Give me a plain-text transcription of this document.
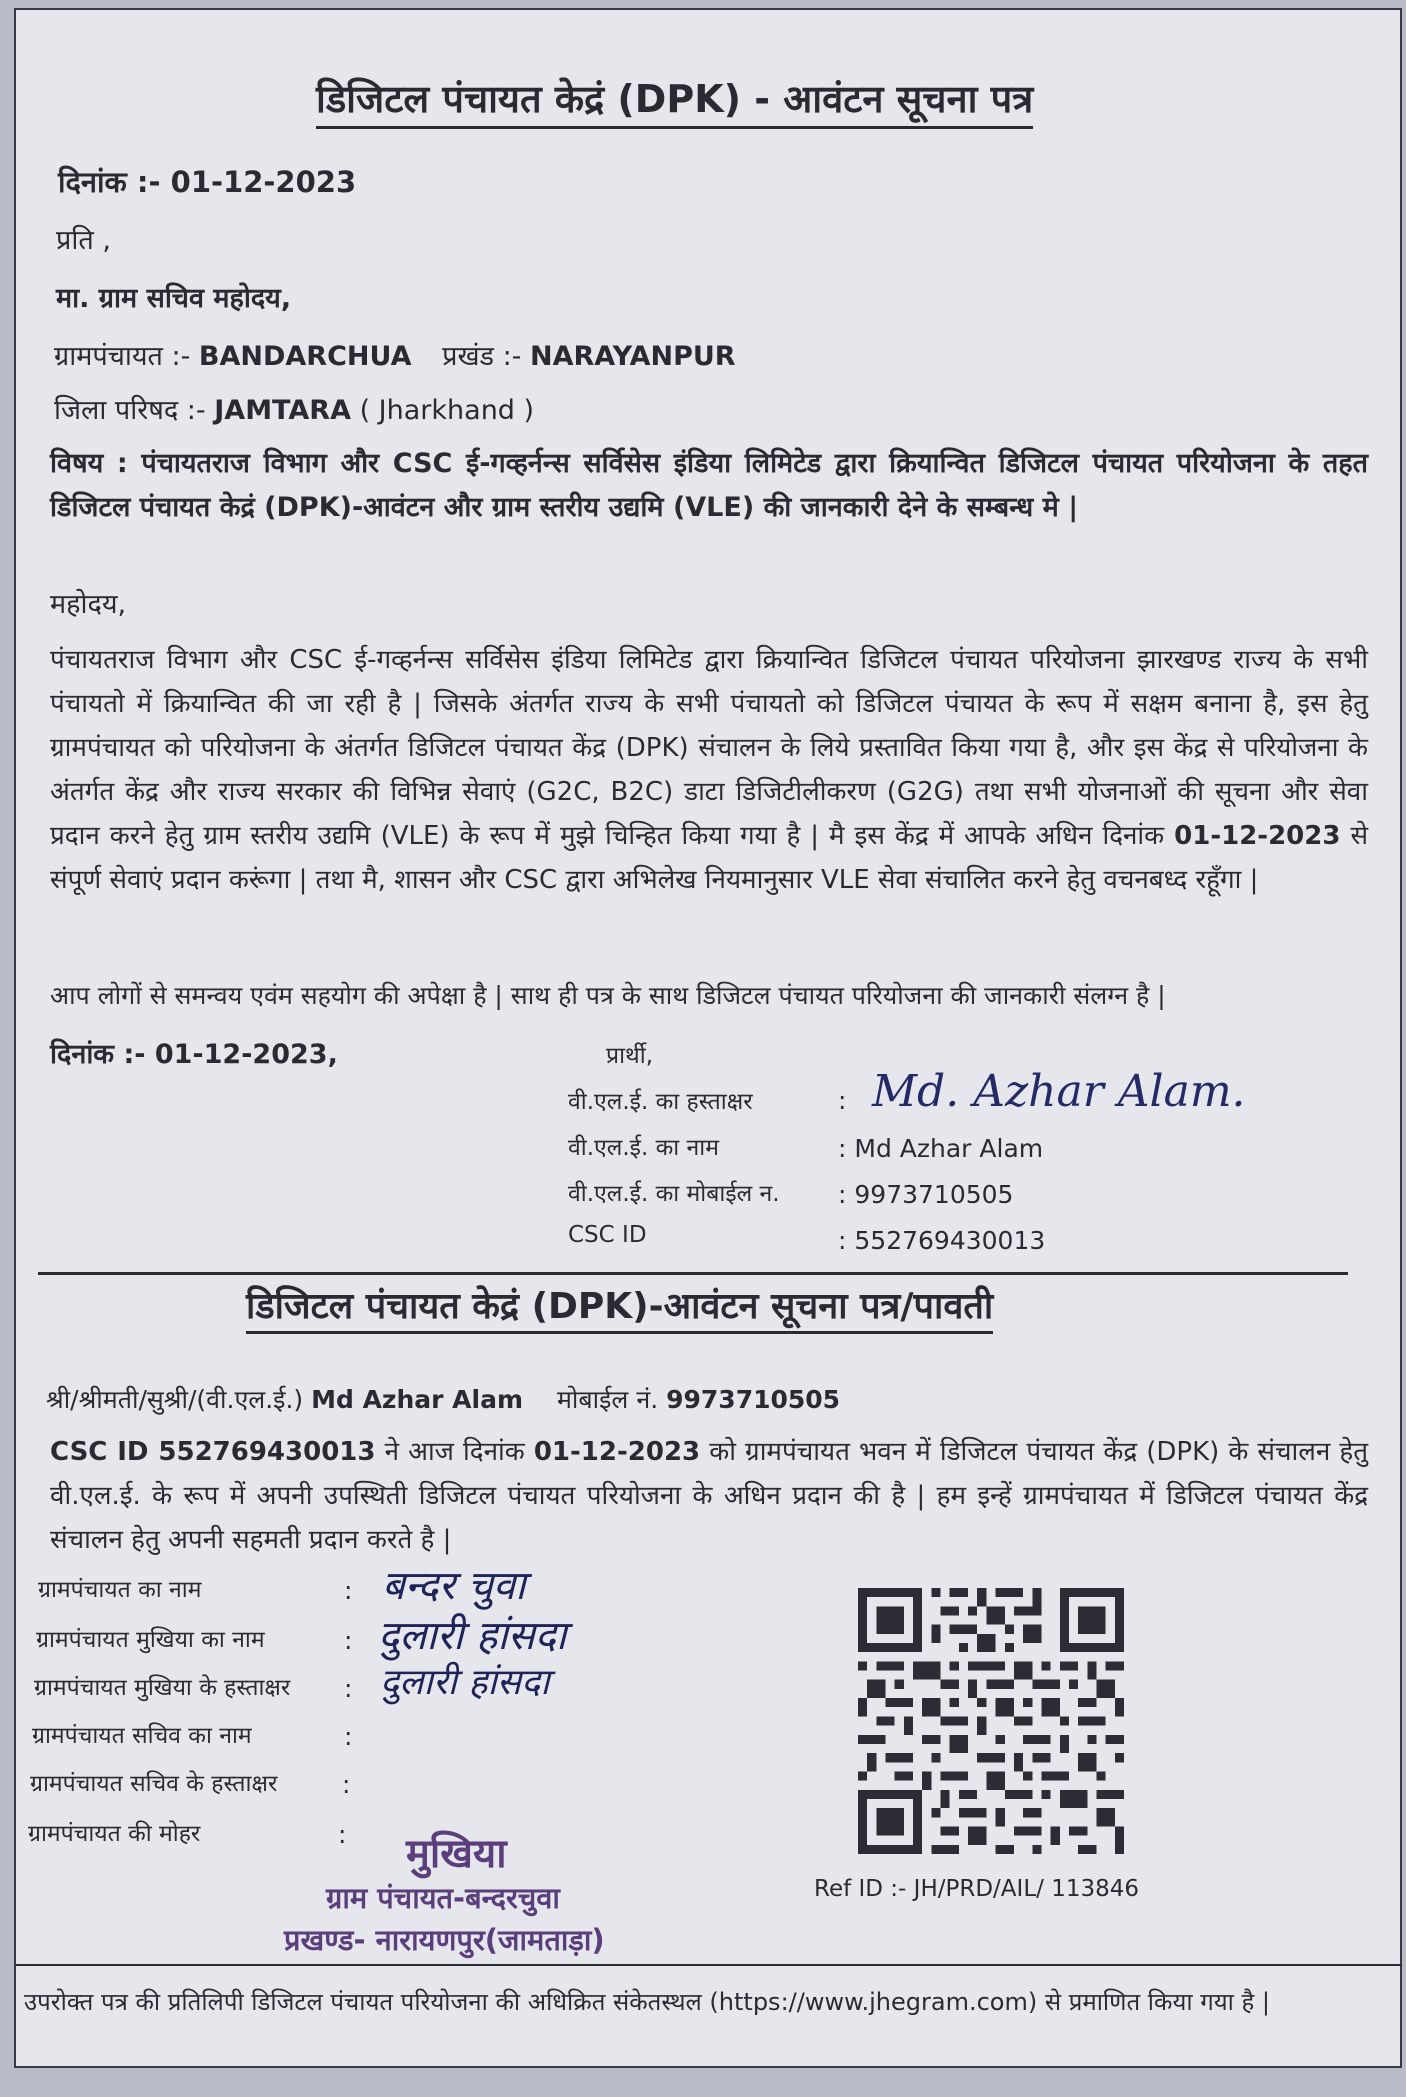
डिजिटल पंचायत केद्रं (DPK) - आवंटन सूचना पत्र
दिनांक :- 01-12-2023
प्रति ,
मा. ग्राम सचिव महोदय,
ग्रामपंचायत :- BANDARCHUA प्रखंड :- NARAYANPUR
जिला परिषद :- JAMTARA ( Jharkhand )
विषय : पंचायतराज विभाग और CSC ई-गव्हर्नन्स सर्विसेस इंडिया लिमिटेड द्वारा क्रियान्वित डिजिटल पंचायत परियोजना के तहत डिजिटल पंचायत केद्रं (DPK)-आवंटन और ग्राम स्तरीय उद्यमि (VLE) की जानकारी देने के सम्बन्ध मे |
महोदय,
पंचायतराज विभाग और CSC ई-गव्हर्नन्स सर्विसेस इंडिया लिमिटेड द्वारा क्रियान्वित डिजिटल पंचायत परियोजना झारखण्ड राज्य के सभी पंचायतो में क्रियान्वित की जा रही है | जिसके अंतर्गत राज्य के सभी पंचायतो को डिजिटल पंचायत के रूप में सक्षम बनाना है, इस हेतु ग्रामपंचायत को परियोजना के अंतर्गत डिजिटल पंचायत केंद्र (DPK) संचालन के लिये प्रस्तावित किया गया है, और इस केंद्र से परियोजना के अंतर्गत केंद्र और राज्य सरकार की विभिन्न सेवाएं (G2C, B2C) डाटा डिजिटीलीकरण (G2G) तथा सभी योजनाओं की सूचना और सेवा प्रदान करने हेतु ग्राम स्तरीय उद्यमि (VLE) के रूप में मुझे चिन्हित किया गया है | मै इस केंद्र में आपके अधिन दिनांक 01-12-2023 से संपूर्ण सेवाएं प्रदान करूंगा | तथा मै, शासन और CSC द्वारा अभिलेख नियमानुसार VLE सेवा संचालित करने हेतु वचनबध्द रहूँगा |
आप लोगों से समन्वय एवंम सहयोग की अपेक्षा है | साथ ही पत्र के साथ डिजिटल पंचायत परियोजना की जानकारी संलग्न है |
दिनांक :- 01-12-2023,	प्रार्थी,
वी.एल.ई. का हस्ताक्षर	: Md. Azhar Alam.
वी.एल.ई. का नाम	: Md Azhar Alam
वी.एल.ई. का मोबाईल न. : 9973710505
CSC ID	: 552769430013
डिजिटल पंचायत केद्रं (DPK)-आवंटन सूचना पत्र/पावती
श्री/श्रीमती/सुश्री/(वी.एल.ई.) Md Azhar Alam मोबाईल नं. 9973710505
CSC ID 552769430013 ने आज दिनांक 01-12-2023 को ग्रामपंचायत भवन में डिजिटल पंचायत केंद्र (DPK) के संचालन हेतु वी.एल.ई. के रूप में अपनी उपस्थिती डिजिटल पंचायत परियोजना के अधिन प्रदान की है | हम इन्हें ग्रामपंचायत में डिजिटल पंचायत केंद्र संचालन हेतु अपनी सहमती प्रदान करते है |
ग्रामपंचायत का नाम	: बन्दर चुवा
ग्रामपंचायत मुखिया का नाम	: दुलारी हांसदा
ग्रामपंचायत मुखिया के हस्ताक्षर : दुलारी हांसदा
ग्रामपंचायत सचिव का नाम	:
ग्रामपंचायत सचिव के हस्ताक्षर	:
ग्रामपंचायत की मोहर	: मुखिया
ग्राम पंचायत-बन्दरचुवा
प्रखण्ड- नारायणपुर(जामताड़ा)
Ref ID :- JH/PRD/AIL/ 113846
उपरोक्त पत्र की प्रतिलिपी डिजिटल पंचायत परियोजना की अधिक्रित संकेतस्थल (https://www.jhegram.com) से प्रमाणित किया गया है |
